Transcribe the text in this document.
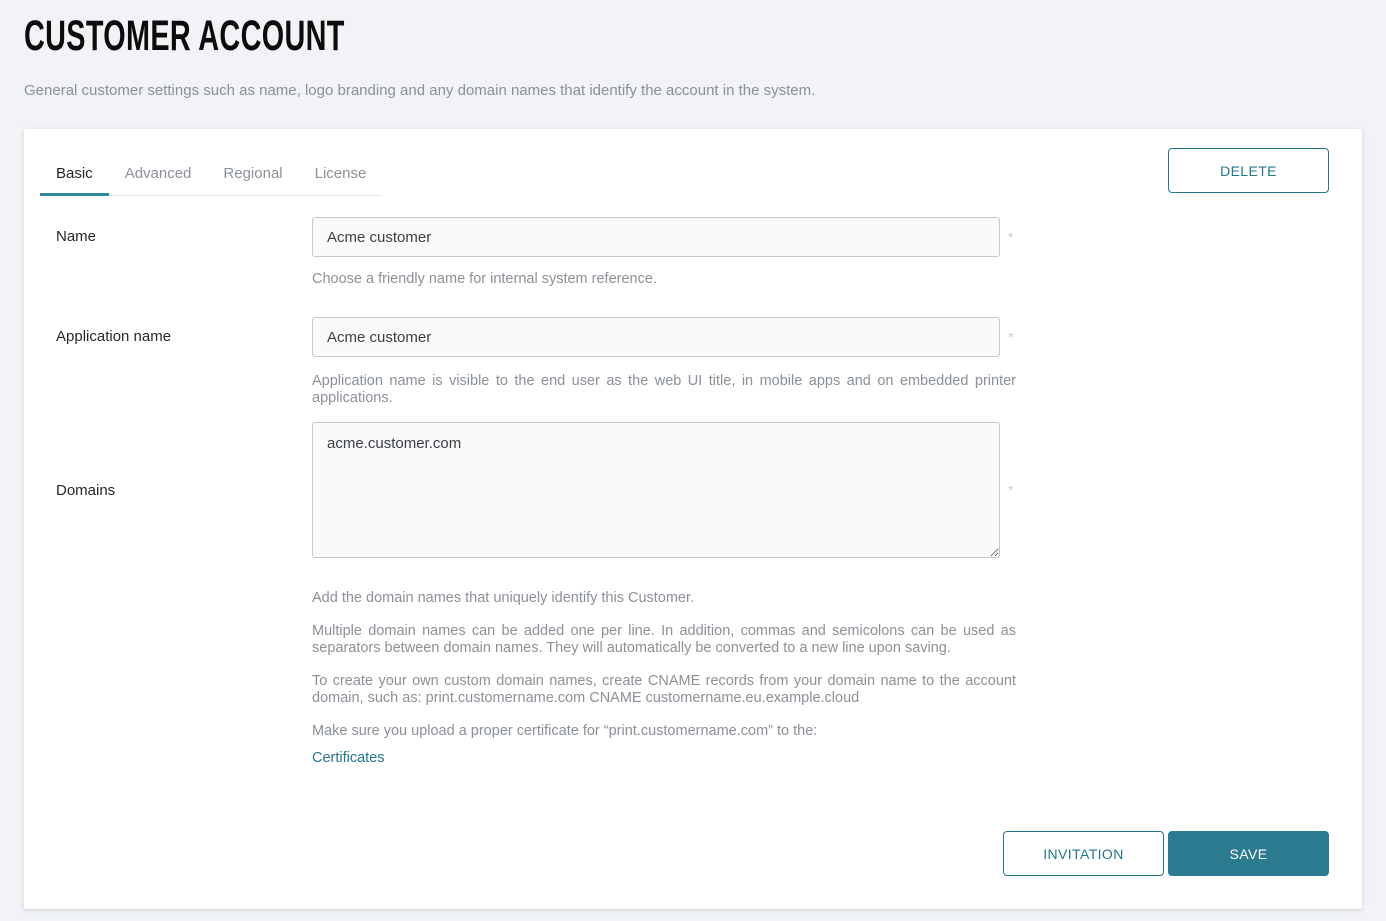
CUSTOMER ACCOUNT
General customer settings such as name, logo branding and any domain names that identify the account in the system.
Basic	Advanced	Regional	License	DELETE
Name
Acme customer	*

Choose a friendly name for internal system reference.

Application name
Acme customer	*

Application name is visible to the end user as the web UI title, in mobile apps and on embedded printer applications.

Domains
acme.customer.com	*

Add the domain names that uniquely identify this Customer.

Multiple domain names can be added one per line. In addition, commas and semicolons can be used as separators between domain names. They will automatically be converted to a new line upon saving.

To create your own custom domain names, create CNAME records from your domain name to the account domain, such as: print.customername.com CNAME customername.eu.example.cloud

Make sure you upload a proper certificate for “print.customername.com” to the:

Certificates
INVITATION	SAVE
